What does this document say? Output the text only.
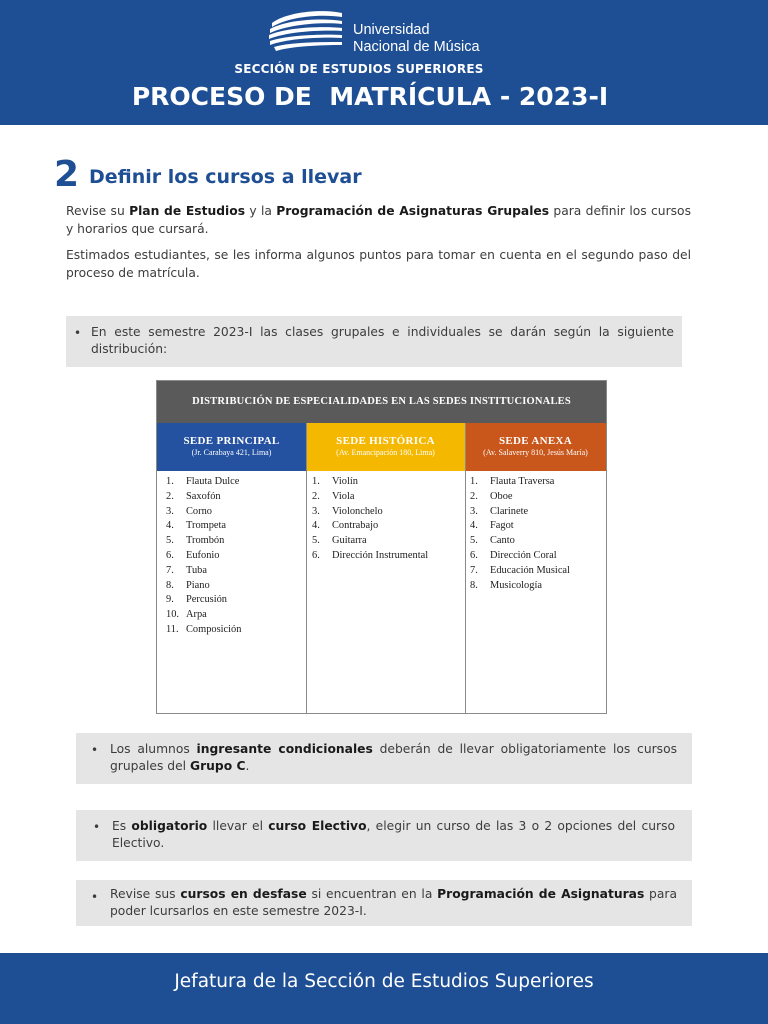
Universidad
Nacional de Música
SECCIÓN DE ESTUDIOS SUPERIORES
PROCESO DE  MATRÍCULA - 2023-I
2 Definir los cursos a llevar

Revise su Plan de Estudios y la Programación de Asignaturas Grupales para definir los cursos y horarios que cursará.

Estimados estudiantes, se les informa algunos puntos para tomar en cuenta en el segundo paso del proceso de matrícula.

• En este semestre 2023-I las clases grupales e individuales se darán según la siguiente distribución:
DISTRIBUCIÓN DE ESPECIALIDADES EN LAS SEDES INSTITUCIONALES
SEDE PRINCIPAL
(Jr. Carabaya 421, Lima)
1. Flauta Dulce
2. Saxofón
3. Corno
4. Trompeta
5. Trombón
6. Eufonio
7. Tuba
8. Piano
9. Percusión
10. Arpa
11. Composición
SEDE HISTÓRICA
(Av. Emancipación 180, Lima)
1. Violín
2. Viola
3. Violonchelo
4. Contrabajo
5. Guitarra
6. Dirección Instrumental
SEDE ANEXA
(Av. Salaverry 810, Jesús María)
1. Flauta Traversa
2. Oboe
3. Clarinete
4. Fagot
5. Canto
6. Dirección Coral
7. Educación Musical
8. Musicología
• Los alumnos ingresante condicionales deberán de llevar obligatoriamente los cursos grupales del Grupo C.
• Es obligatorio llevar el curso Electivo, elegir un curso de las 3 o 2 opciones del curso Electivo.
• Revise sus cursos en desfase si encuentran en la Programación de Asignaturas para poder lcursarlos en este semestre 2023-I.
Jefatura de la Sección de Estudios Superiores
